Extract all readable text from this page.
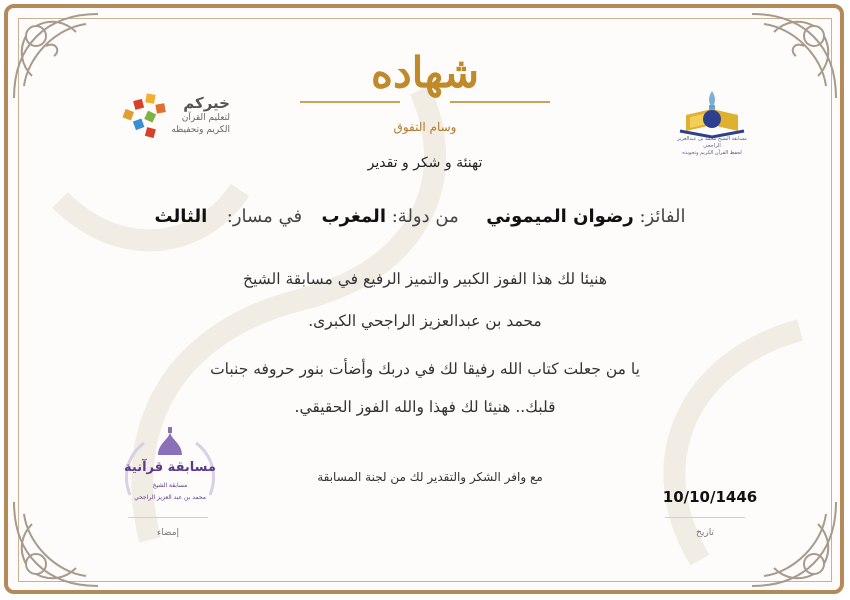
خيركم
لتعليم القرآن
الكريم وتحفيظه
مسابقة الشيخ محمد بن عبدالعزيز الراجحي
لحفظ القرآن الكريم وتجويده
شهاده
وسام التفوق
تهنئة و شكر و تقدير
الفائز: رضوان الميموني  من دولة: المغرب  في مسار:  الثالث
هنيئا لك هذا الفوز الكبير والتميز الرفيع في مسابقة الشيخ
محمد بن عبدالعزيز الراجحي الكبرى.
يا من جعلت كتاب الله رفيقا لك في دربك وأضأت بنور حروفه جنبات
قلبك.. هنيئا لك فهذا والله الفوز الحقيقي.
مع وافر الشكر والتقدير لك من لجنة المسابقة
مسابقة قرآنية
مسابقة الشيخ
محمد بن عبد العزيز الراجحي	10/10/1446
تاريخ
إمضاء
